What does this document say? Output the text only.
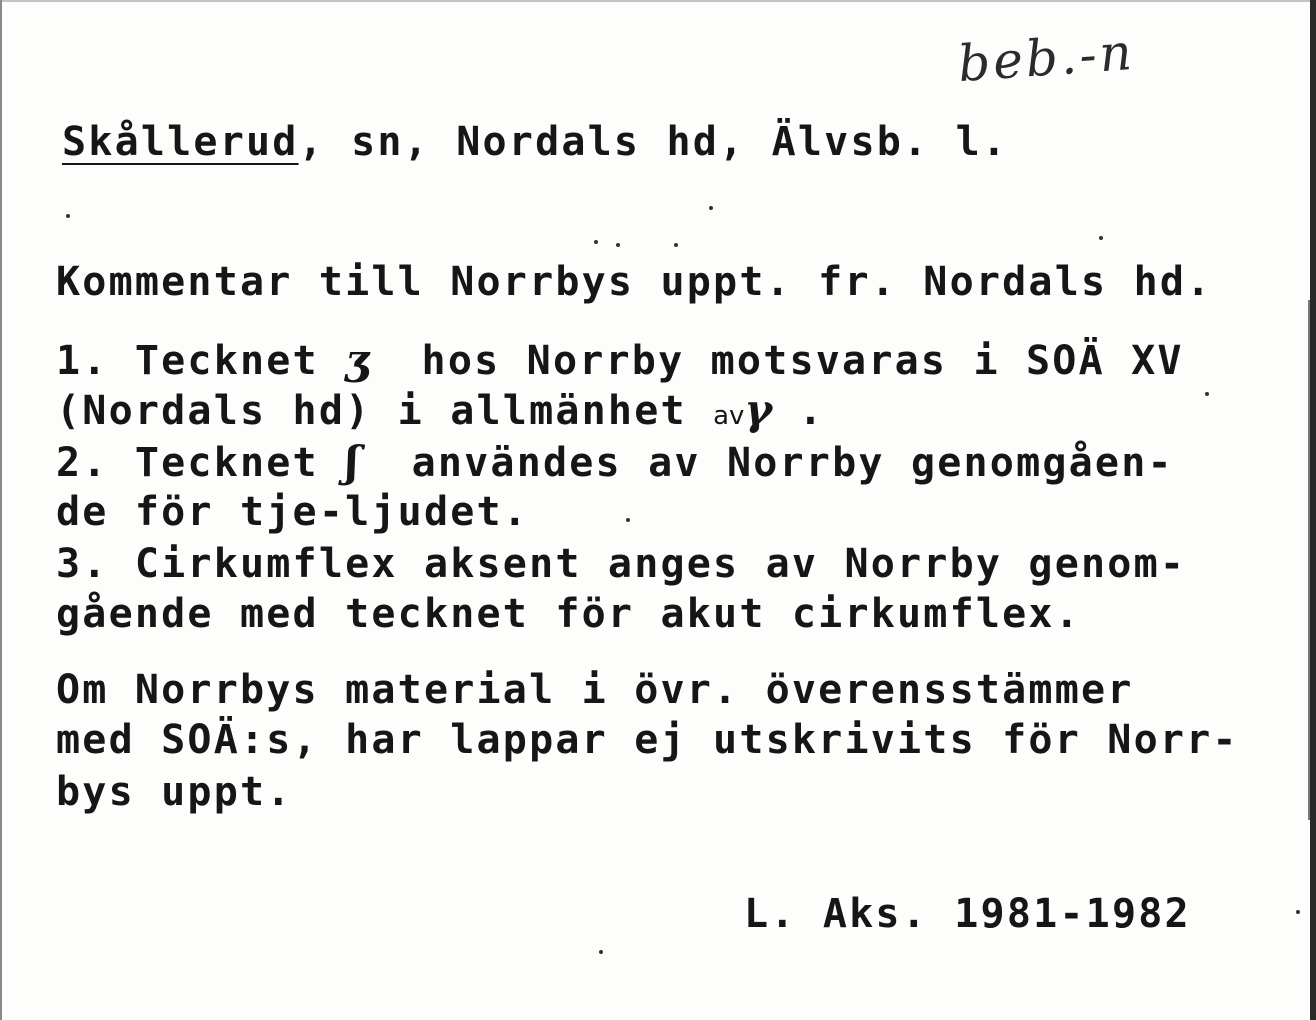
beb.-n
Skållerud, sn, Nordals hd, Älvsb. l.
Kommentar till Norrbys uppt. fr. Nordals hd.
1. Tecknet ʒ  hos Norrby motsvaras i SOÄ XV
(Nordals hd) i allmänhet avγ .
2. Tecknet ʃ  användes av Norrby genomgåen-
de för tje-ljudet.
3. Cirkumflex aksent anges av Norrby genom-
gående med tecknet för akut cirkumflex.
Om Norrbys material i övr. överensstämmer
med SOÄ:s, har lappar ej utskrivits för Norr-
bys uppt.
L. Aks. 1981-1982
